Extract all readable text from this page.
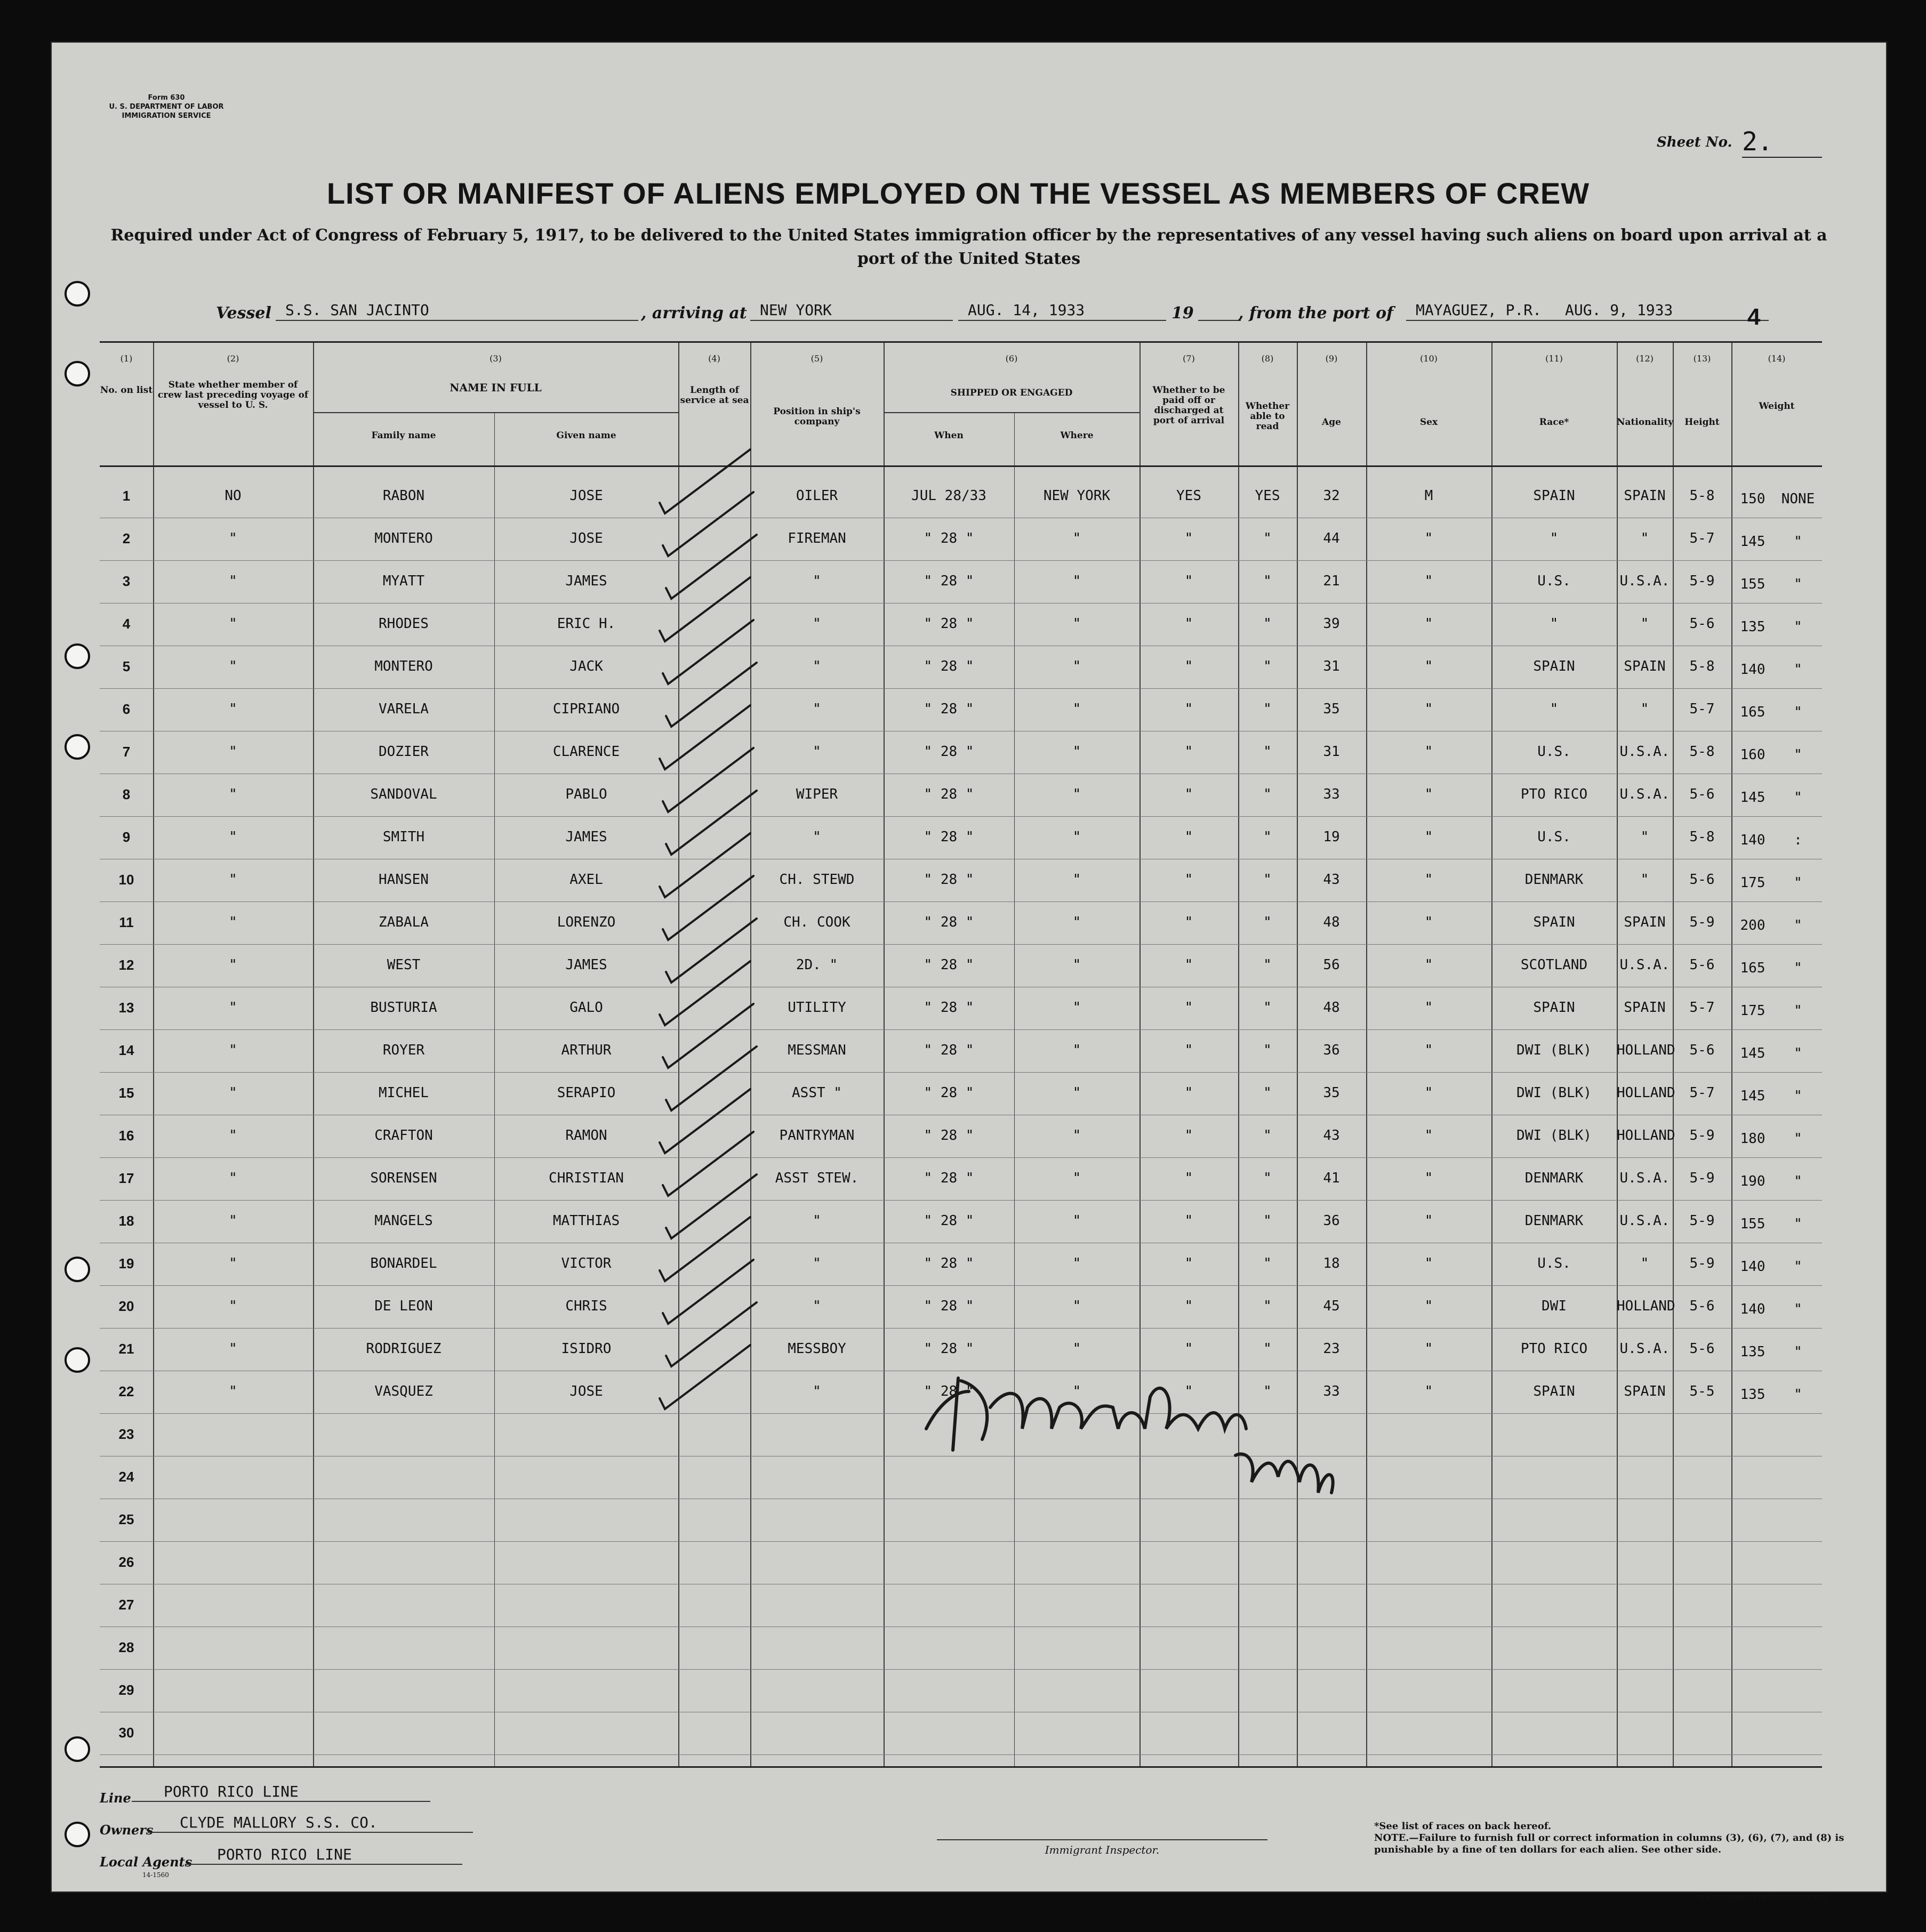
Form 630
U. S. DEPARTMENT OF LABOR
IMMIGRATION SERVICE
Sheet No. 2.
LIST OR MANIFEST OF ALIENS EMPLOYED ON THE VESSEL AS MEMBERS OF CREW
Required under Act of Congress of February 5, 1917, to be delivered to the United States immigration officer by the representatives of any vessel having such aliens on board upon arrival at a port of the United States
Vessel S.S. SAN JACINTO	, arriving at NEW YORK	AUG. 14, 1933	19	, from the port of	MAYAGUEZ, P.R.	AUG. 9, 1933	4
(1)	(2)	(3)	(4)	(5)	(6)	(7)	(8)	(9)	(10)	(11)	(12)	(13)	(14)
No. on list	State whether member of crew last preceding voyage of vessel to U. S.
NAME IN FULL
Family name	Given name
Length of service at sea
Position in ship's company
SHIPPED OR ENGAGED
When	Where
Whether to be paid off or discharged at port of arrival
Whether able to read	Age	Sex	Race*	Nationality	Height
Weight
1	NO	RABON	JOSE	OILER	JUL 28/33	NEW YORK	YES	YES	32	M	SPAIN	SPAIN	5-8	150	NONE
2	"	MONTERO	JOSE	FIREMAN	" 28 "	"	"	"	44	"	"	"	5-7	145	"
3	"	MYATT	JAMES	"	" 28 "	"	"	"	21	"	U.S.	U.S.A.	5-9	155	"
4	"	RHODES	ERIC H.	"	" 28 "	"	"	"	39	"	"	"	5-6	135	"
5	"	MONTERO	JACK	"	" 28 "	"	"	"	31	"	SPAIN	SPAIN	5-8	140	"
6	"	VARELA	CIPRIANO	"	" 28 "	"	"	"	35	"	"	"	5-7	165	"
7	"	DOZIER	CLARENCE	"	" 28 "	"	"	"	31	"	U.S.	U.S.A.	5-8	160	"
8	"	SANDOVAL	PABLO	WIPER	" 28 "	"	"	"	33	"	PTO RICO	U.S.A.	5-6	145	"
9	"	SMITH	JAMES	"	" 28 "	"	"	"	19	"	U.S.	"	5-8	140	:
10	"	HANSEN	AXEL	CH. STEWD	" 28 "	"	"	"	43	"	DENMARK	"	5-6	175	"
11	"	ZABALA	LORENZO	CH. COOK	" 28 "	"	"	"	48	"	SPAIN	SPAIN	5-9	200	"
12	"	WEST	JAMES	2D. "	" 28 "	"	"	"	56	"	SCOTLAND	U.S.A.	5-6	165	"
13	"	BUSTURIA	GALO	UTILITY	" 28 "	"	"	"	48	"	SPAIN	SPAIN	5-7	175	"
14	"	ROYER	ARTHUR	MESSMAN	" 28 "	"	"	"	36	"	DWI (BLK)	HOLLAND	5-6	145	"
15	"	MICHEL	SERAPIO	ASST "	" 28 "	"	"	"	35	"	DWI (BLK)	HOLLAND	5-7	145	"
16	"	CRAFTON	RAMON	PANTRYMAN	" 28 "	"	"	"	43	"	DWI (BLK)	HOLLAND	5-9	180	"
17	"	SORENSEN	CHRISTIAN	ASST STEW.	" 28 "	"	"	"	41	"	DENMARK	U.S.A.	5-9	190	"
18	"	MANGELS	MATTHIAS	"	" 28 "	"	"	"	36	"	DENMARK	U.S.A.	5-9	155	"
19	"	BONARDEL	VICTOR	"	" 28 "	"	"	"	18	"	U.S.	"	5-9	140	"
20	"	DE LEON	CHRIS	"	" 28 "	"	"	"	45	"	DWI	HOLLAND	5-6	140	"
21	"	RODRIGUEZ	ISIDRO	MESSBOY	" 28 "	"	"	"	23	"	PTO RICO	U.S.A.	5-6	135	"
22	"	VASQUEZ	JOSE	"	" 28 "	"	"	"	33	"	SPAIN	SPAIN	5-5	135	"
23
24
25
26
27
28
29
30
Line	PORTO RICO LINE
Owners	CLYDE MALLORY S.S. CO.
Local Agents	PORTO RICO LINE
14-1560
Immigrant Inspector.
*See list of races on back hereof.
NOTE.—Failure to furnish full or correct information in columns (3), (6), (7), and (8) is punishable by a fine of ten dollars for each alien. See other side.
U. S. GOVERNMENT PRINTING OFFICE: 1931
